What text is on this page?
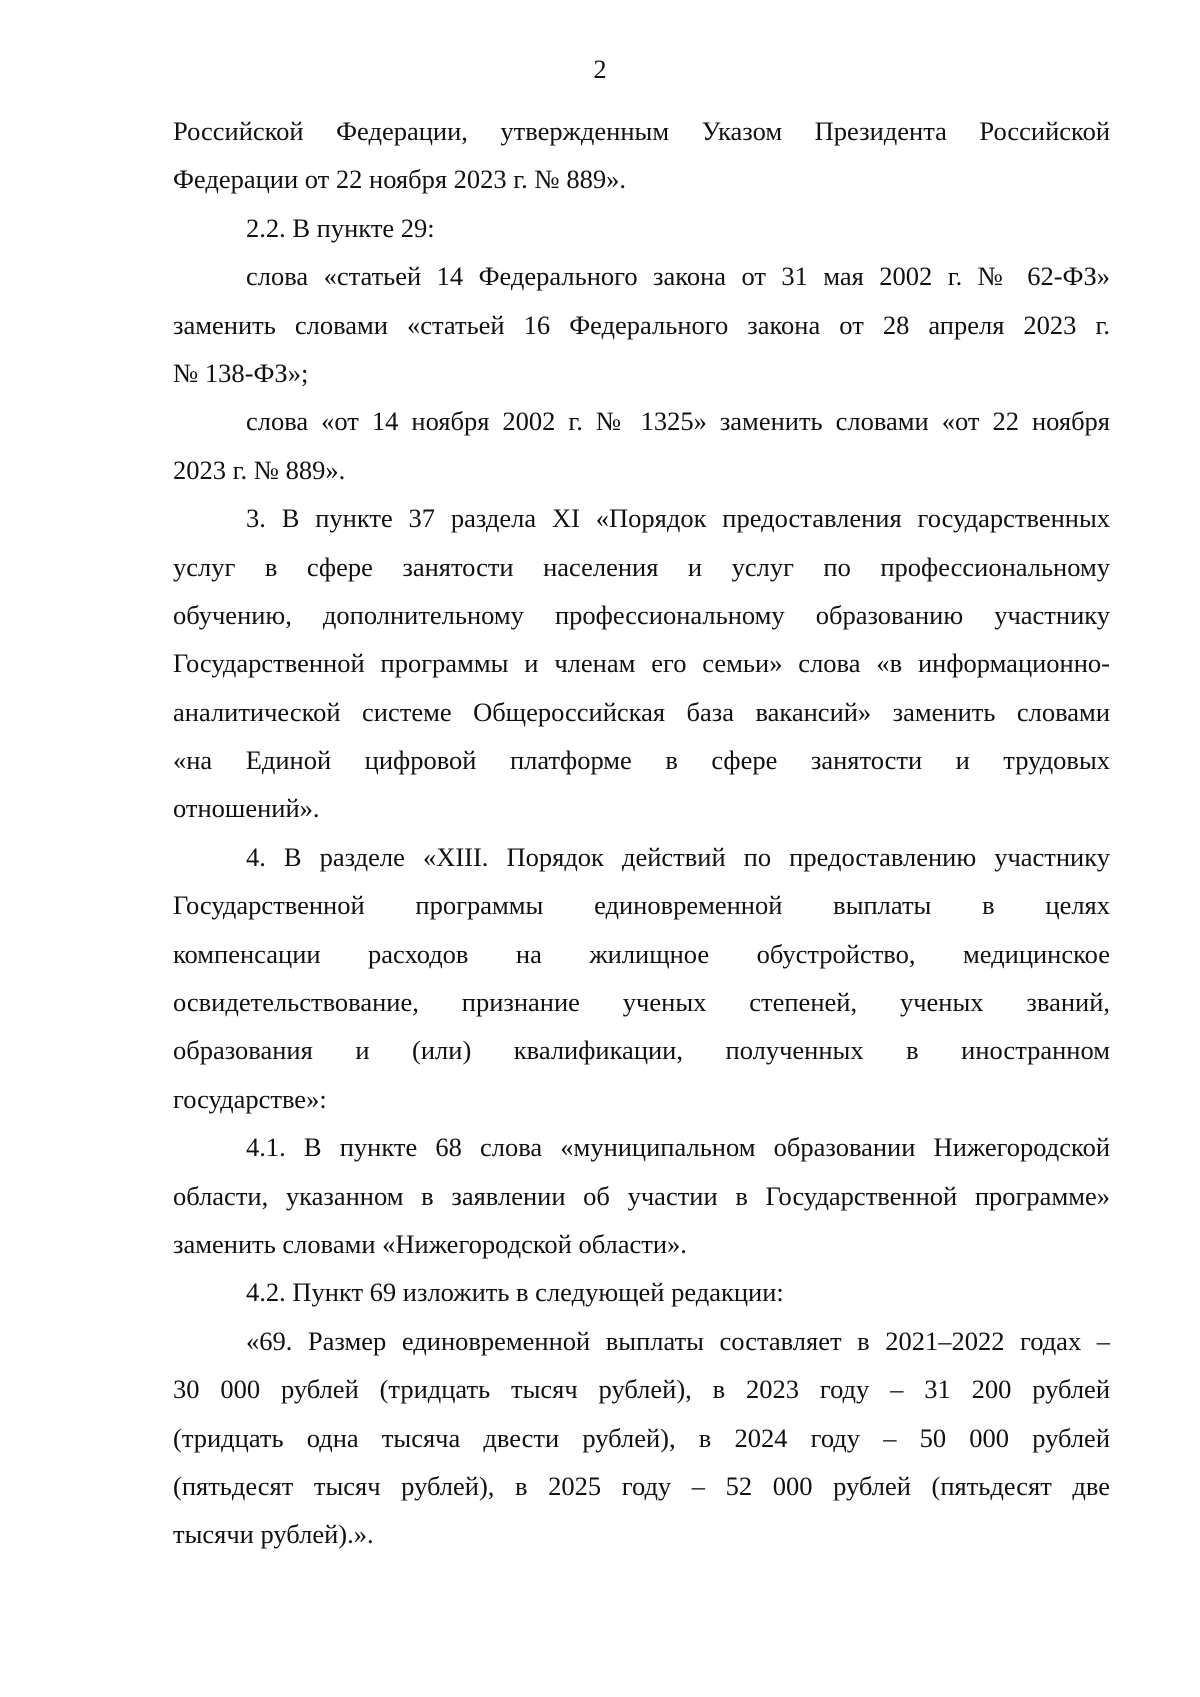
2
Российской Федерации, утвержденным Указом Президента Российской
Федерации от 22 ноября 2023 г. № 889».
2.2. В пункте 29:
слова «статьей 14 Федерального закона от 31 мая 2002 г. № 62-ФЗ»
заменить словами «статьей 16 Федерального закона от 28 апреля 2023 г.
№ 138-ФЗ»;
слова «от 14 ноября 2002 г. № 1325» заменить словами «от 22 ноября
2023 г. № 889».
3. В пункте 37 раздела XI «Порядок предоставления государственных
услуг в сфере занятости населения и услуг по профессиональному
обучению, дополнительному профессиональному образованию участнику
Государственной программы и членам его семьи» слова «в информационно-
аналитической системе Общероссийская база вакансий» заменить словами
«на Единой цифровой платформе в сфере занятости и трудовых
отношений».
4. В разделе «XIII. Порядок действий по предоставлению участнику
Государственной программы единовременной выплаты в целях
компенсации расходов на жилищное обустройство, медицинское
освидетельствование, признание ученых степеней, ученых званий,
образования и (или) квалификации, полученных в иностранном
государстве»:
4.1. В пункте 68 слова «муниципальном образовании Нижегородской
области, указанном в заявлении об участии в Государственной программе»
заменить словами «Нижегородской области».
4.2. Пункт 69 изложить в следующей редакции:
«69. Размер единовременной выплаты составляет в 2021–2022 годах –
30 000 рублей (тридцать тысяч рублей), в 2023 году – 31 200 рублей
(тридцать одна тысяча двести рублей), в 2024 году – 50 000 рублей
(пятьдесят тысяч рублей), в 2025 году – 52 000 рублей (пятьдесят две
тысячи рублей).».
